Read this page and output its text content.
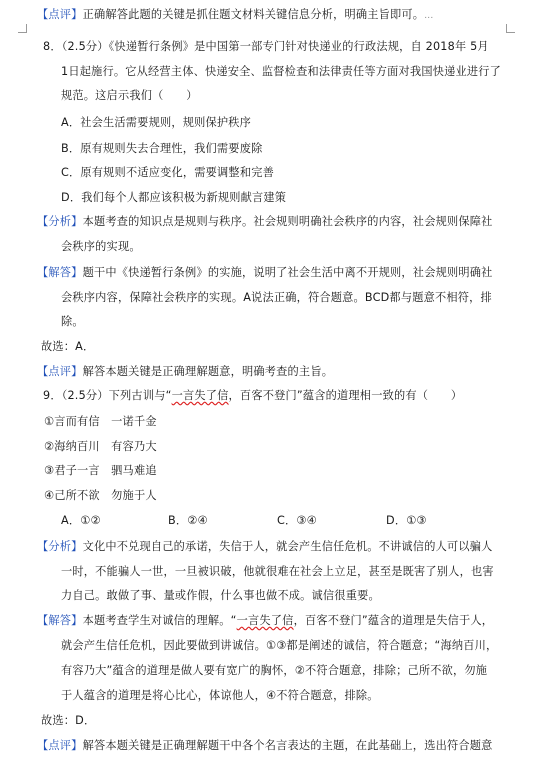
【点评】正确解答此题的关键是抓住题文材料关键信息分析，明确主旨即可。...
8．（2.5分）《快递暂行条例》是中国第一部专门针对快递业的行政法规，自 2018年 5月
1日起施行。它从经营主体、快递安全、监督检查和法律责任等方面对我国快递业进行了
规范。这启示我们（　　）
A．社会生活需要规则，规则保护秩序
B．原有规则失去合理性，我们需要废除
C．原有规则不适应变化，需要调整和完善
D．我们每个人都应该积极为新规则献言建策
【分析】本题考查的知识点是规则与秩序。社会规则明确社会秩序的内容，社会规则保障社
会秩序的实现。
【解答】题干中《快递暂行条例》的实施，说明了社会生活中离不开规则，社会规则明确社
会秩序内容，保障社会秩序的实现。A说法正确，符合题意。BCD都与题意不相符，排
除。
故选：A．
【点评】解答本题关键是正确理解题意，明确考查的主旨。
9．（2.5分）下列古训与“一言失了信，百客不登门”蕴含的道理相一致的有（　　）
①言而有信　一诺千金
②海纳百川　有容乃大
③君子一言　驷马难追
④己所不欲　勿施于人
A．①②	B．②④	C．③④	D．①③
【分析】文化中不兑现自己的承诺，失信于人，就会产生信任危机。不讲诚信的人可以骗人
一时，不能骗人一世，一旦被识破，他就很难在社会上立足，甚至是既害了别人，也害
力自己。敢做了事、量或作假，什么事也做不成。诚信很重要。
【解答】本题考查学生对诚信的理解。“一言失了信，百客不登门”蕴含的道理是失信于人，
就会产生信任危机，因此要做到讲诚信。①③都是阐述的诚信，符合题意；“海纳百川，
有容乃大”蕴含的道理是做人要有宽广的胸怀，②不符合题意，排除；己所不欲，勿施
于人蕴含的道理是将心比心，体谅他人，④不符合题意，排除。
故选：D．
【点评】解答本题关键是正确理解题干中各个名言表达的主题，在此基础上，选出符合题意
